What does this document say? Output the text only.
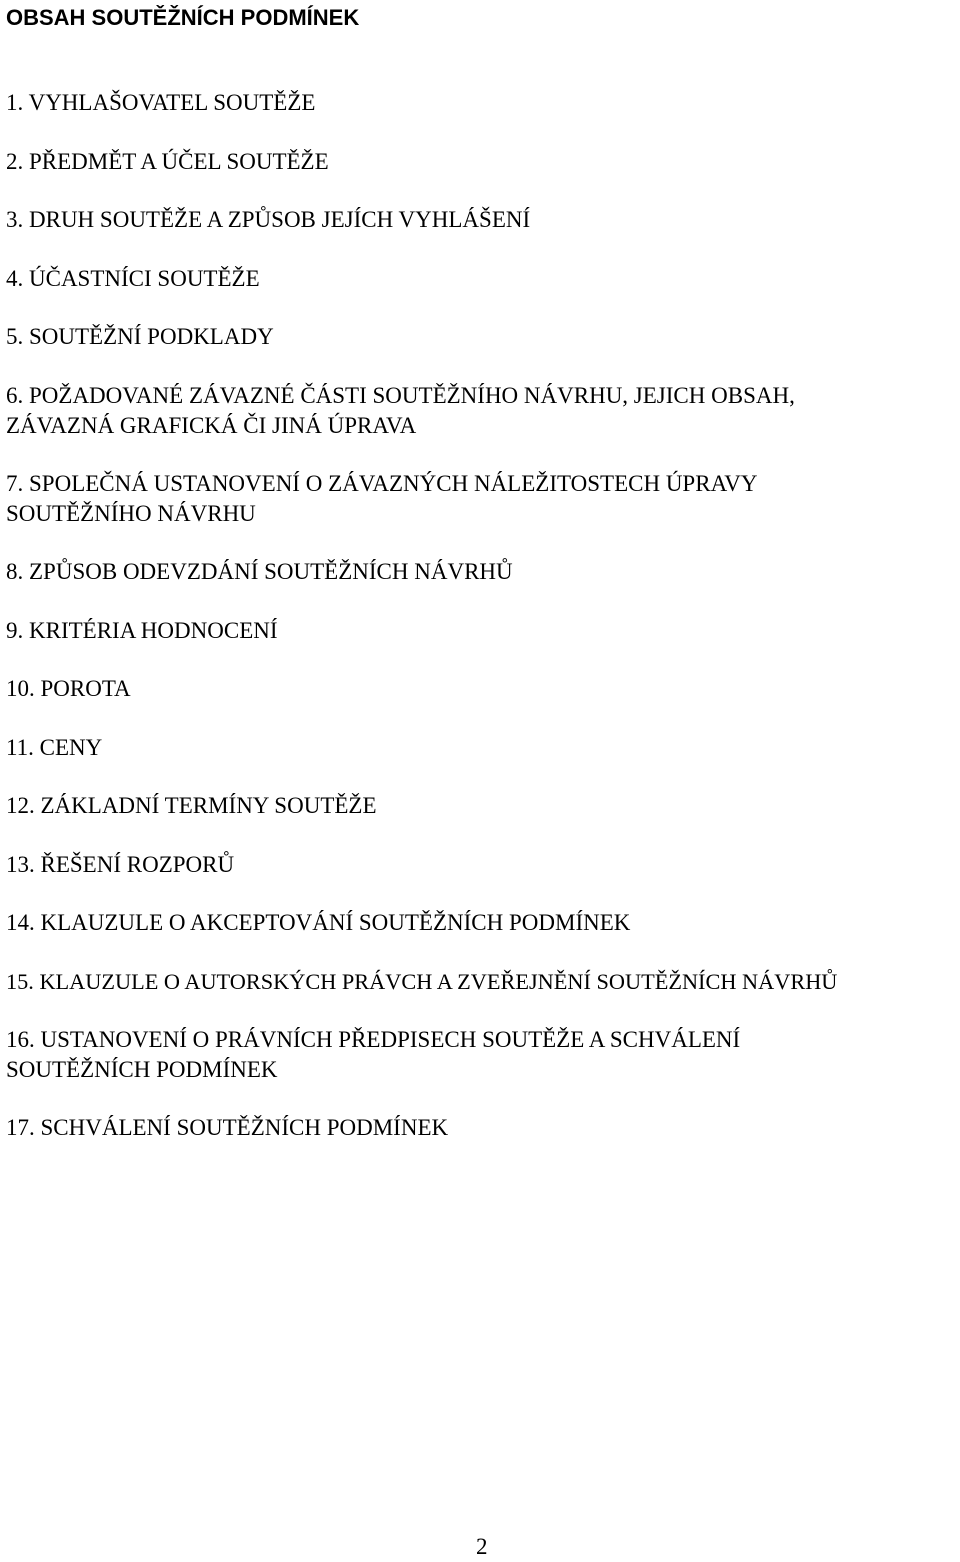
OBSAH SOUTĚŽNÍCH PODMÍNEK
1. VYHLAŠOVATEL SOUTĚŽE
2. PŘEDMĚT A ÚČEL SOUTĚŽE
3. DRUH SOUTĚŽE A ZPŮSOB JEJÍCH VYHLÁŠENÍ
4. ÚČASTNÍCI SOUTĚŽE
5. SOUTĚŽNÍ PODKLADY
6. POŽADOVANÉ ZÁVAZNÉ ČÁSTI SOUTĚŽNÍHO NÁVRHU, JEJICH OBSAH,
ZÁVAZNÁ GRAFICKÁ ČI JINÁ ÚPRAVA
7. SPOLEČNÁ USTANOVENÍ O ZÁVAZNÝCH NÁLEŽITOSTECH ÚPRAVY
SOUTĚŽNÍHO NÁVRHU
8. ZPŮSOB ODEVZDÁNÍ SOUTĚŽNÍCH NÁVRHŮ
9. KRITÉRIA HODNOCENÍ
10. POROTA
11. CENY
12. ZÁKLADNÍ TERMÍNY SOUTĚŽE
13. ŘEŠENÍ ROZPORŮ
14. KLAUZULE O AKCEPTOVÁNÍ SOUTĚŽNÍCH PODMÍNEK
15. KLAUZULE O AUTORSKÝCH PRÁVCH A ZVEŘEJNĚNÍ SOUTĚŽNÍCH NÁVRHŮ
16. USTANOVENÍ O PRÁVNÍCH PŘEDPISECH SOUTĚŽE A SCHVÁLENÍ
SOUTĚŽNÍCH PODMÍNEK
17. SCHVÁLENÍ SOUTĚŽNÍCH PODMÍNEK
2
